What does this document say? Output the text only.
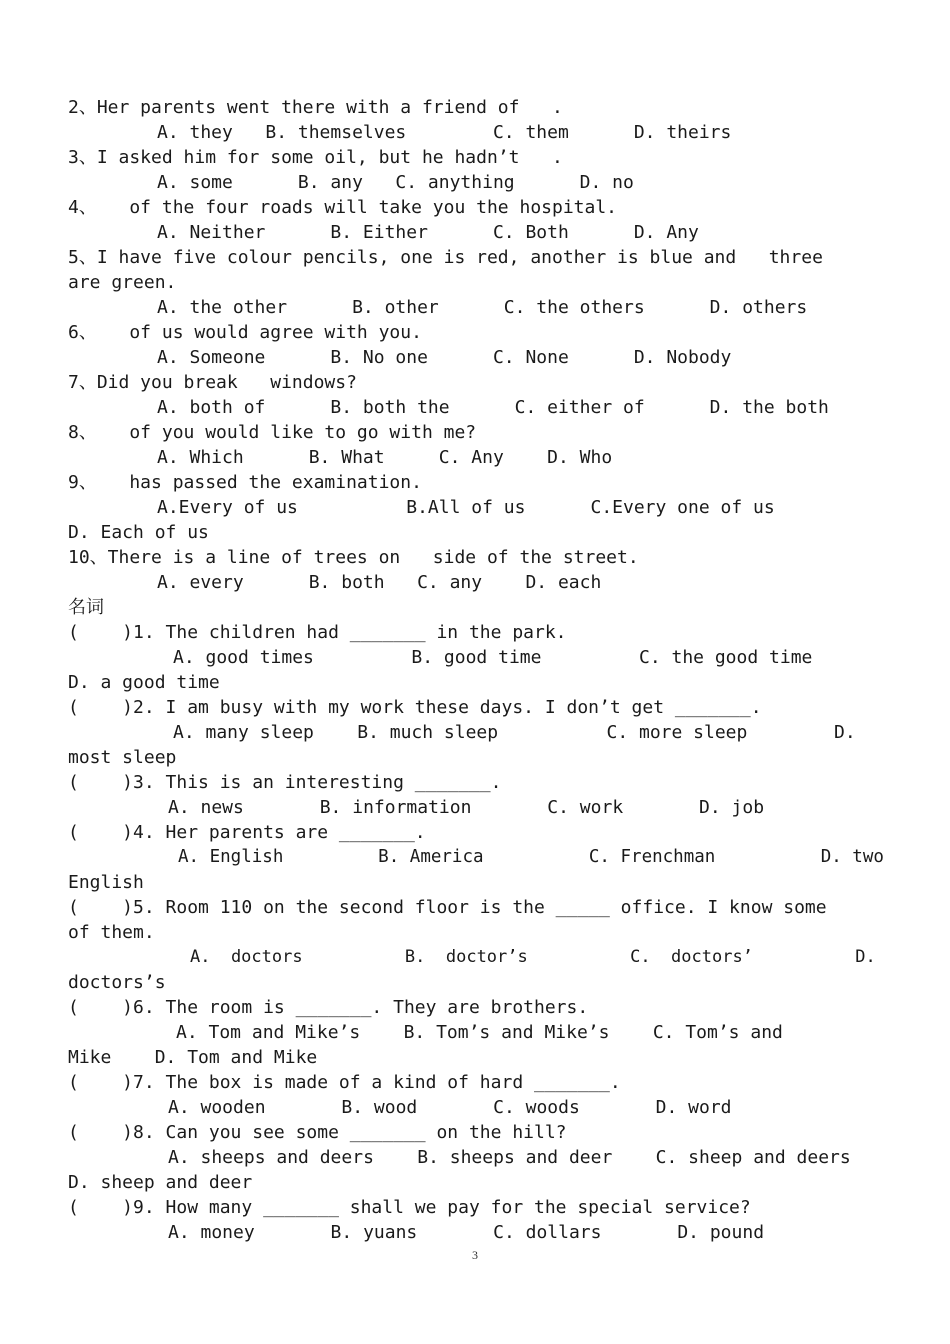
2、Her parents went there with a friend of   .
A. they   B. themselves        C. them      D. theirs
3、I asked him for some oil, but he hadn’t   .
A. some      B. any   C. anything      D. no
4、   of the four roads will take you the hospital.
A. Neither      B. Either      C. Both      D. Any
5、I have five colour pencils, one is red, another is blue and   three
are green.
A. the other      B. other      C. the others      D. others
6、   of us would agree with you.
A. Someone      B. No one      C. None      D. Nobody
7、Did you break   windows?
A. both of      B. both the      C. either of      D. the both
8、   of you would like to go with me?
A. Which      B. What     C. Any    D. Who
9、   has passed the examination.
A.Every of us          B.All of us      C.Every one of us
D. Each of us
10、There is a line of trees on   side of the street.
A. every      B. both   C. any    D. each
名词
(    )1. The children had _______ in the park.
A. good times         B. good time         C. the good time
D. a good time
(    )2. I am busy with my work these days. I don’t get _______.
A. many sleep    B. much sleep          C. more sleep        D.
most sleep
(    )3. This is an interesting _______.
A. news       B. information       C. work       D. job
(    )4. Her parents are _______.
A. English         B. America          C. Frenchman          D. two
English
(    )5. Room 110 on the second floor is the _____ office. I know some
of them.
A.  doctors          B.  doctor’s          C.  doctors’          D.
doctors’s
(    )6. The room is _______. They are brothers.
A. Tom and Mike’s    B. Tom’s and Mike’s    C. Tom’s and
Mike    D. Tom and Mike
(    )7. The box is made of a kind of hard _______.
A. wooden       B. wood       C. woods       D. word
(    )8. Can you see some _______ on the hill?
A. sheeps and deers    B. sheeps and deer    C. sheep and deers
D. sheep and deer
(    )9. How many _______ shall we pay for the special service?
A. money       B. yuans       C. dollars       D. pound
3
